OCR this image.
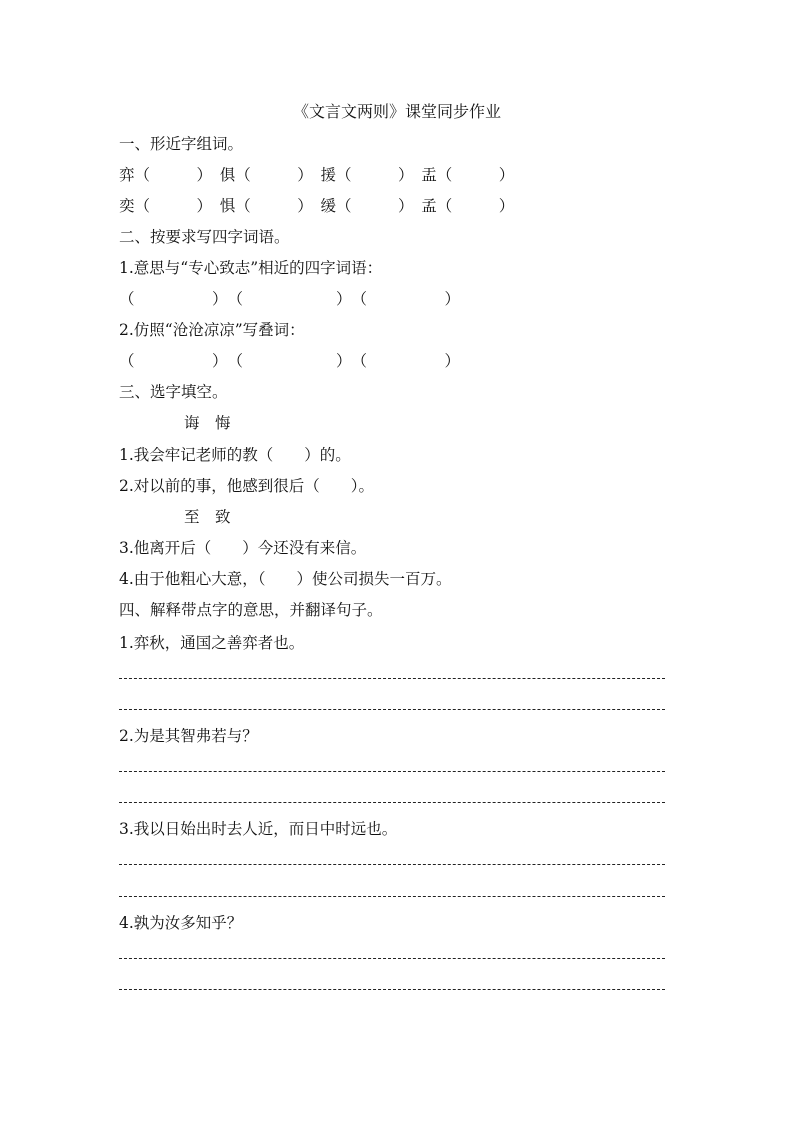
《文言文两则》课堂同步作业
一、形近字组词。
弈（　　　）　俱（　　　）　援（　　　）　盂（　　　）
奕（　　　）　惧（　　　）　缓（　　　）　孟（　　　）
二、按要求写四字词语。
1.意思与“专心致志”相近的四字词语：
（　　　　　）　（　　　　　　）　（　　　　　）
2.仿照“沧沧凉凉”写叠词：
（　　　　　）　（　　　　　　）　（　　　　　）
三、选字填空。
诲　悔
1.我会牢记老师的教（　　）的。
2.对以前的事，他感到很后（　　）。
至　致
3.他离开后（　　）今还没有来信。
4.由于他粗心大意，（　　）使公司损失一百万。
四、解释带点字的意思，并翻译句子。
1.弈秋，通国之善弈者也。
2.为是其智弗若与？
3.我以日始出时去人近，而日中时远也。
4.孰为汝多知乎？
